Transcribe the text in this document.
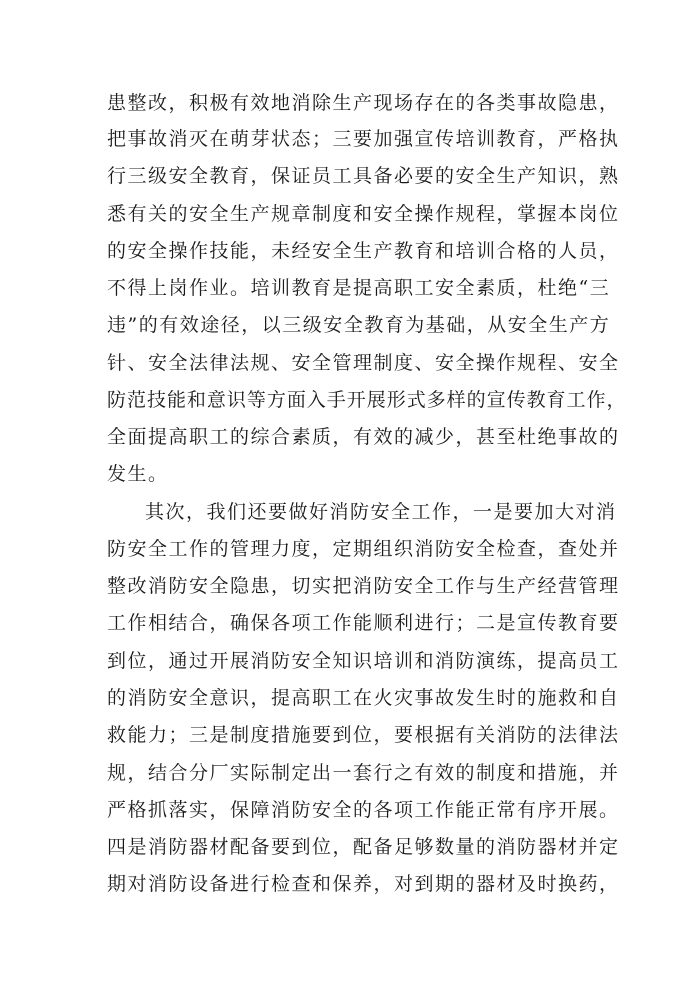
患整改，积极有效地消除生产现场存在的各类事故隐患，
把事故消灭在萌芽状态；三要加强宣传培训教育，严格执
行三级安全教育，保证员工具备必要的安全生产知识，熟
悉有关的安全生产规章制度和安全操作规程，掌握本岗位
的安全操作技能，未经安全生产教育和培训合格的人员，
不得上岗作业。培训教育是提高职工安全素质，杜绝“三
违”的有效途径，以三级安全教育为基础，从安全生产方
针、安全法律法规、安全管理制度、安全操作规程、安全
防范技能和意识等方面入手开展形式多样的宣传教育工作，
全面提高职工的综合素质，有效的减少，甚至杜绝事故的
发生。
其次，我们还要做好消防安全工作，一是要加大对消
防安全工作的管理力度，定期组织消防安全检查，查处并
整改消防安全隐患，切实把消防安全工作与生产经营管理
工作相结合，确保各项工作能顺利进行；二是宣传教育要
到位，通过开展消防安全知识培训和消防演练，提高员工
的消防安全意识，提高职工在火灾事故发生时的施救和自
救能力；三是制度措施要到位，要根据有关消防的法律法
规，结合分厂实际制定出一套行之有效的制度和措施，并
严格抓落实，保障消防安全的各项工作能正常有序开展。
四是消防器材配备要到位，配备足够数量的消防器材并定
期对消防设备进行检查和保养，对到期的器材及时换药，
